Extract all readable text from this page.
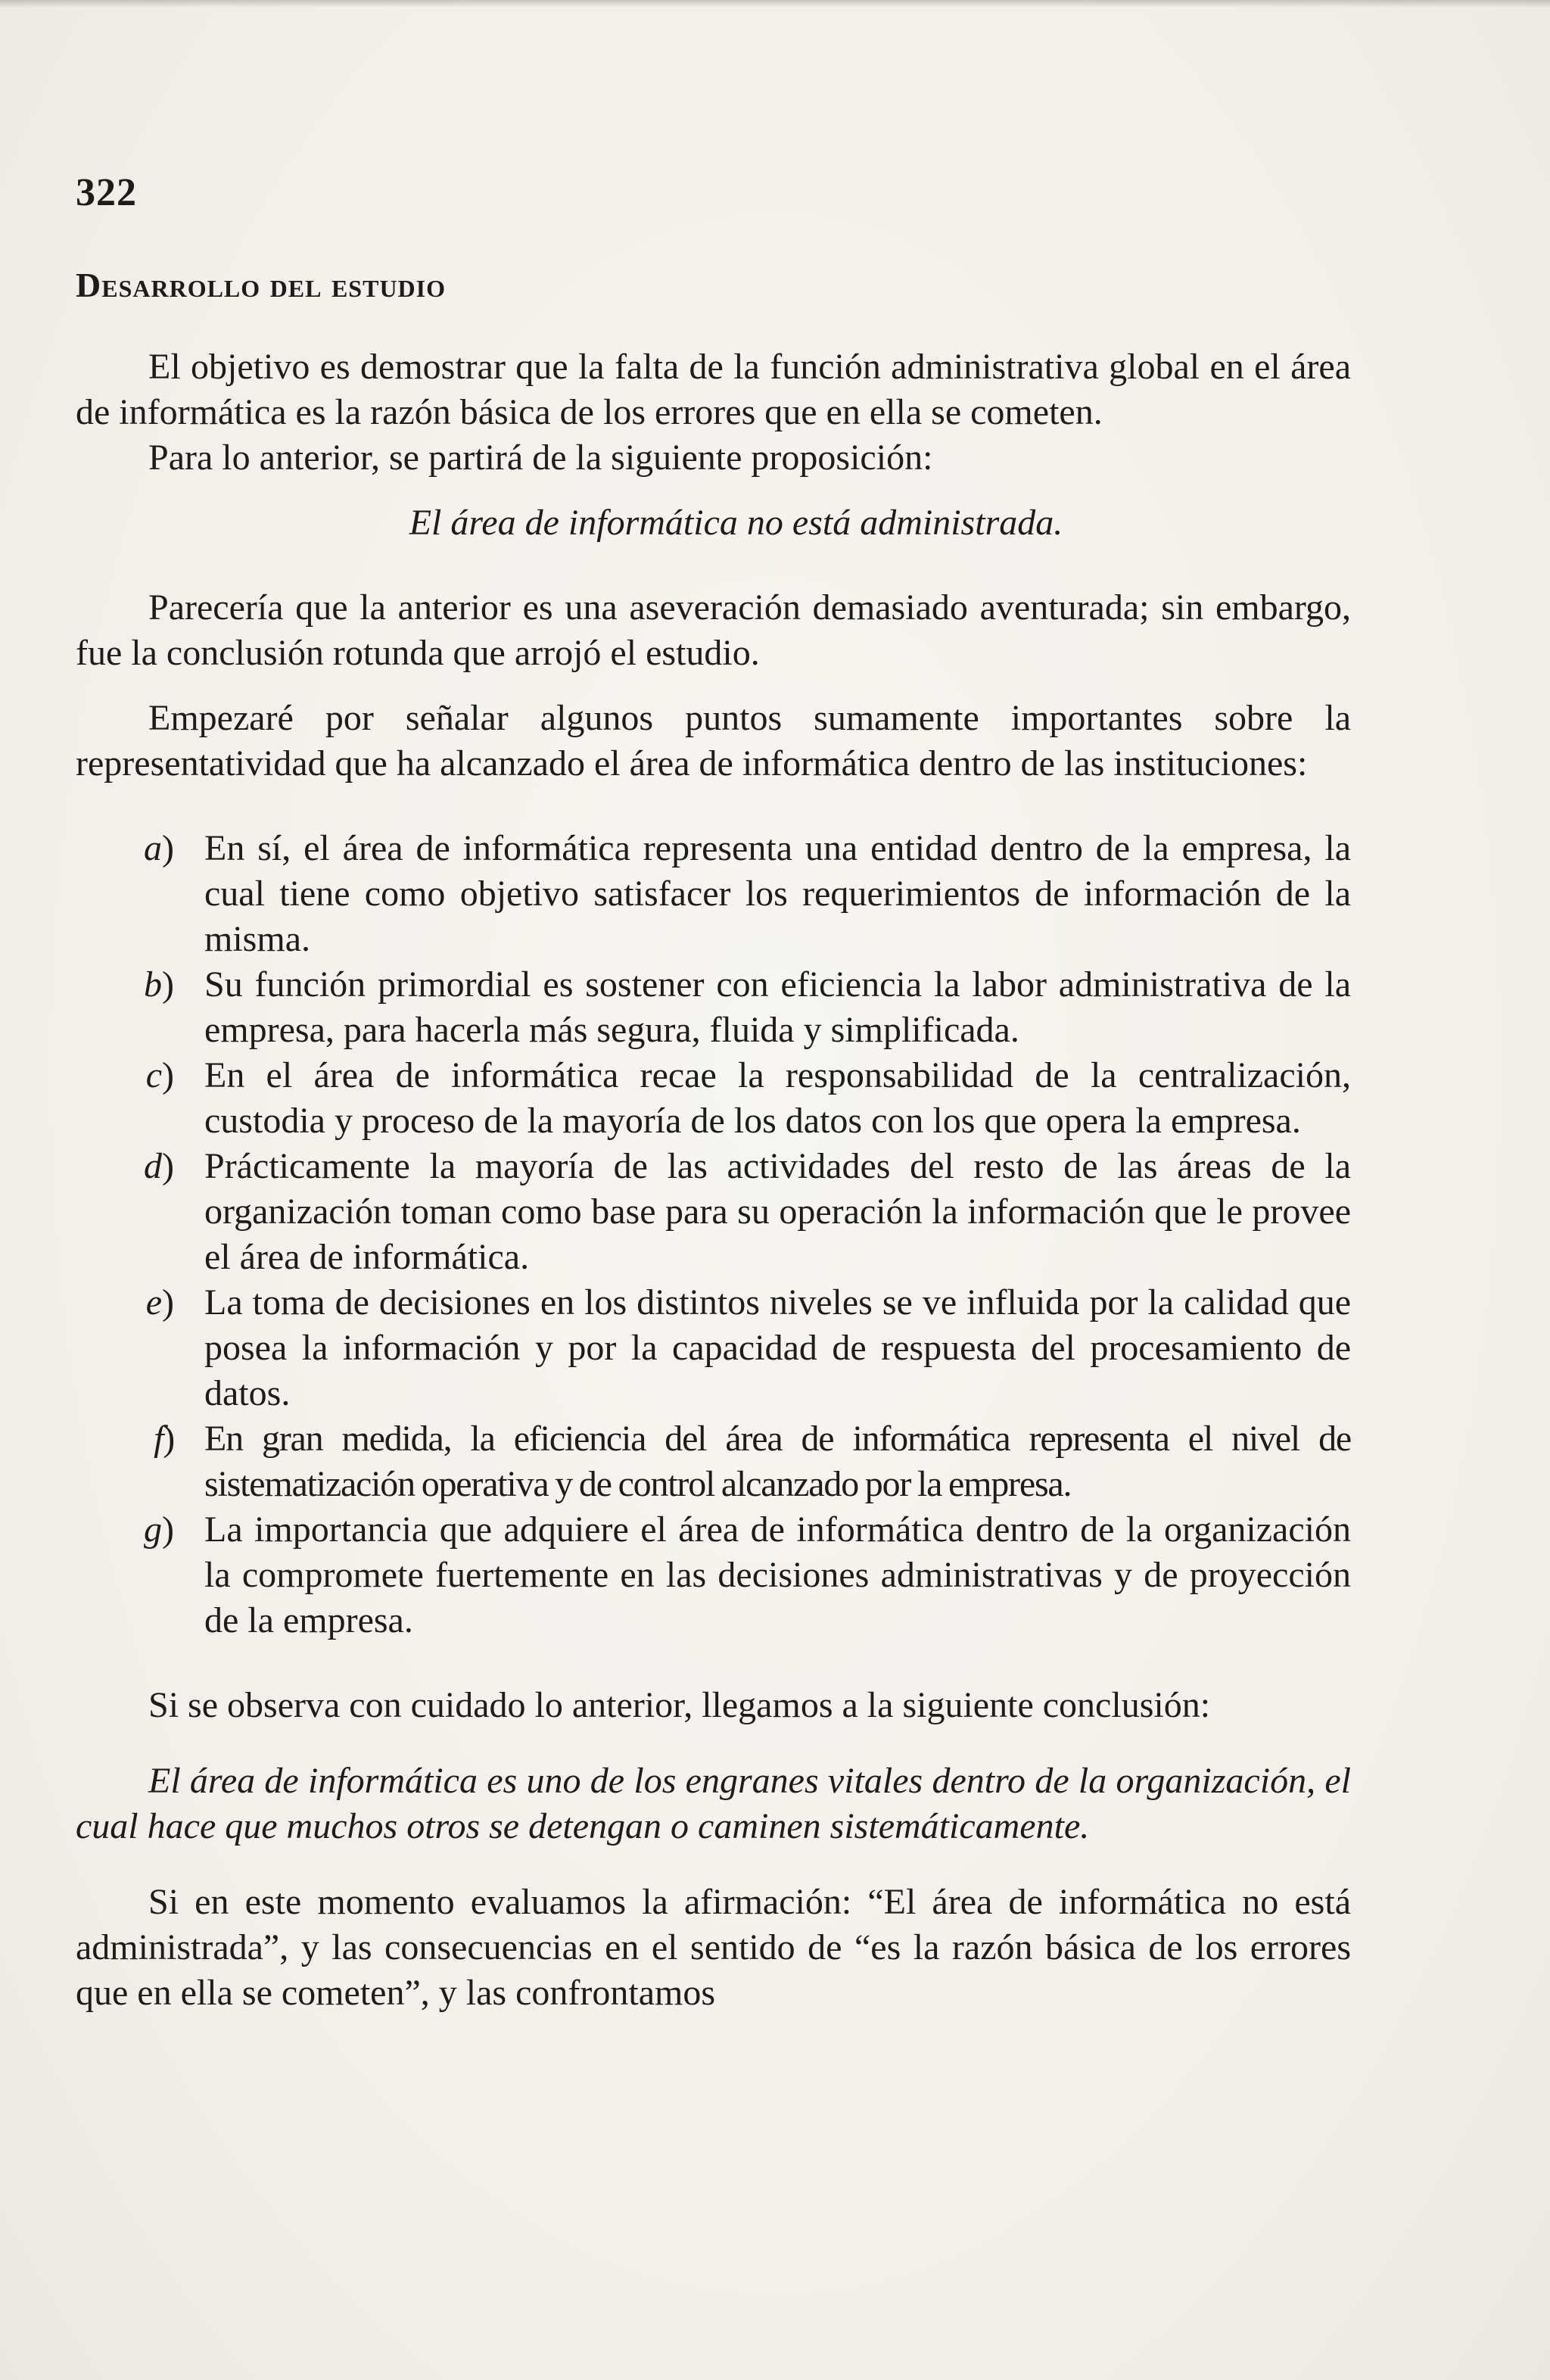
322

Desarrollo del estudio

El objetivo es demostrar que la falta de la función administrativa global en el área de informática es la razón básica de los errores que en ella se cometen.

Para lo anterior, se partirá de la siguiente proposición:

El área de informática no está administrada.

Parecería que la anterior es una aseveración demasiado aventurada; sin embargo, fue la conclusión rotunda que arrojó el estudio.

Empezaré por señalar algunos puntos sumamente importantes sobre la representatividad que ha alcanzado el área de informática dentro de las instituciones:

a) En sí, el área de informática representa una entidad dentro de la empresa, la cual tiene como objetivo satisfacer los requerimientos de información de la misma.
b) Su función primordial es sostener con eficiencia la labor administrativa de la empresa, para hacerla más segura, fluida y simplificada.
c) En el área de informática recae la responsabilidad de la centralización, custodia y proceso de la mayoría de los datos con los que opera la empresa.
d) Prácticamente la mayoría de las actividades del resto de las áreas de la organización toman como base para su operación la información que le provee el área de informática.
e) La toma de decisiones en los distintos niveles se ve influida por la calidad que posea la información y por la capacidad de respuesta del procesamiento de datos.
f) En gran medida, la eficiencia del área de informática representa el nivel de sistematización operativa y de control alcanzado por la empresa.
g) La importancia que adquiere el área de informática dentro de la organización la compromete fuertemente en las decisiones administrativas y de proyección de la empresa.

Si se observa con cuidado lo anterior, llegamos a la siguiente conclusión:

El área de informática es uno de los engranes vitales dentro de la organización, el cual hace que muchos otros se detengan o caminen sistemáticamente.

Si en este momento evaluamos la afirmación: “El área de informática no está administrada”, y las consecuencias en el sentido de “es la razón básica de los errores que en ella se cometen”, y las confrontamos
